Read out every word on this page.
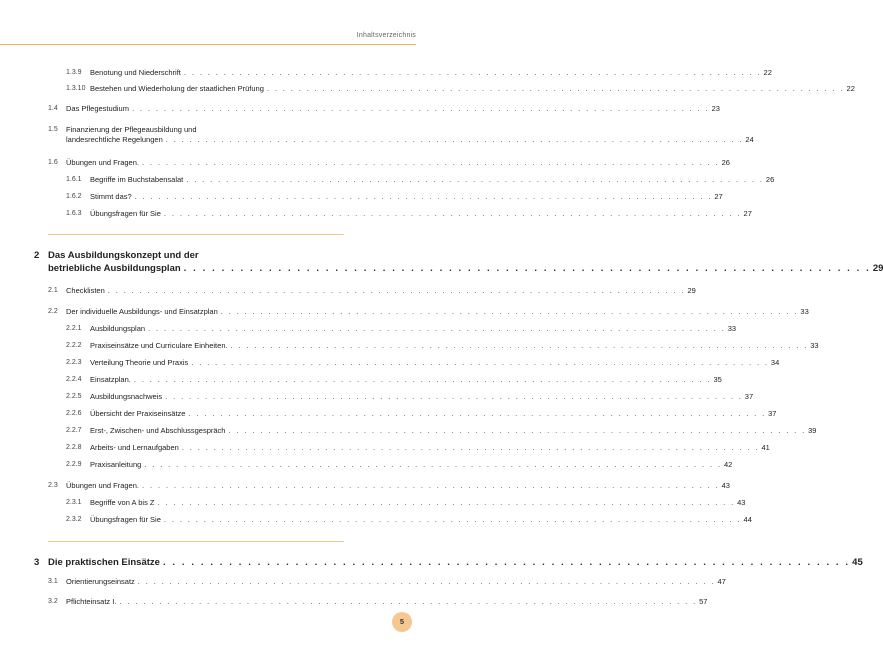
Inhaltsverzeichnis
1.3.9 Benotung und Niederschrift . . . . . . . . . . . . . . . . . . . . . . . . . . . . . . . . . . . . . . . . . . . . . . . . . . . . . . . . . . . . . . . . . . . . . . . . . 22
1.3.10 Bestehen und Wiederholung der staatlichen Prüfung . . . . . . . . . . . . . . . . . . . . . . . . . . . . . . . . . . . . . . . . . . . . . . . . . . . . . . . . . . . . . . . . . . . . . . . . . 22
1.4 Das Pflegestudium . . . . . . . . . . . . . . . . . . . . . . . . . . . . . . . . . . . . . . . . . . . . . . . . . . . . . . . . . . . . . . . . . . . . . . . . . 23
1.5 Finanzierung der Pflegeausbildung und
landesrechtliche Regelungen . . . . . . . . . . . . . . . . . . . . . . . . . . . . . . . . . . . . . . . . . . . . . . . . . . . . . . . . . . . . . . . . . . . . . . . . . 24
1.6 Übungen und Fragen. . . . . . . . . . . . . . . . . . . . . . . . . . . . . . . . . . . . . . . . . . . . . . . . . . . . . . . . . . . . . . . . . . . . . . . . . . 26
1.6.1 Begriffe im Buchstabensalat . . . . . . . . . . . . . . . . . . . . . . . . . . . . . . . . . . . . . . . . . . . . . . . . . . . . . . . . . . . . . . . . . . . . . . . . . 26
1.6.2 Stimmt das? . . . . . . . . . . . . . . . . . . . . . . . . . . . . . . . . . . . . . . . . . . . . . . . . . . . . . . . . . . . . . . . . . . . . . . . . . 27
1.6.3 Übungsfragen für Sie . . . . . . . . . . . . . . . . . . . . . . . . . . . . . . . . . . . . . . . . . . . . . . . . . . . . . . . . . . . . . . . . . . . . . . . . . 27
2 Das Ausbildungskonzept und der
betriebliche Ausbildungsplan . . . . . . . . . . . . . . . . . . . . . . . . . . . . . . . . . . . . . . . . . . . . . . . . . . . . . . . . . . . . . . . . . . . . . . . . . 29
2.1 Checklisten . . . . . . . . . . . . . . . . . . . . . . . . . . . . . . . . . . . . . . . . . . . . . . . . . . . . . . . . . . . . . . . . . . . . . . . . . 29
2.2 Der individuelle Ausbildungs- und Einsatzplan . . . . . . . . . . . . . . . . . . . . . . . . . . . . . . . . . . . . . . . . . . . . . . . . . . . . . . . . . . . . . . . . . . . . . . . . . 33
2.2.1 Ausbildungsplan . . . . . . . . . . . . . . . . . . . . . . . . . . . . . . . . . . . . . . . . . . . . . . . . . . . . . . . . . . . . . . . . . . . . . . . . . 33
2.2.2 Praxiseinsätze und Curriculare Einheiten. . . . . . . . . . . . . . . . . . . . . . . . . . . . . . . . . . . . . . . . . . . . . . . . . . . . . . . . . . . . . . . . . . . . . . . . . . 33
2.2.3 Verteilung Theorie und Praxis . . . . . . . . . . . . . . . . . . . . . . . . . . . . . . . . . . . . . . . . . . . . . . . . . . . . . . . . . . . . . . . . . . . . . . . . . 34
2.2.4 Einsatzplan. . . . . . . . . . . . . . . . . . . . . . . . . . . . . . . . . . . . . . . . . . . . . . . . . . . . . . . . . . . . . . . . . . . . . . . . . . 35
2.2.5 Ausbildungsnachweis . . . . . . . . . . . . . . . . . . . . . . . . . . . . . . . . . . . . . . . . . . . . . . . . . . . . . . . . . . . . . . . . . . . . . . . . . 37
2.2.6 Übersicht der Praxiseinsätze . . . . . . . . . . . . . . . . . . . . . . . . . . . . . . . . . . . . . . . . . . . . . . . . . . . . . . . . . . . . . . . . . . . . . . . . . 37
2.2.7 Erst-, Zwischen- und Abschlussgespräch . . . . . . . . . . . . . . . . . . . . . . . . . . . . . . . . . . . . . . . . . . . . . . . . . . . . . . . . . . . . . . . . . . . . . . . . . 39
2.2.8 Arbeits- und Lernaufgaben . . . . . . . . . . . . . . . . . . . . . . . . . . . . . . . . . . . . . . . . . . . . . . . . . . . . . . . . . . . . . . . . . . . . . . . . . 41
2.2.9 Praxisanleitung . . . . . . . . . . . . . . . . . . . . . . . . . . . . . . . . . . . . . . . . . . . . . . . . . . . . . . . . . . . . . . . . . . . . . . . . . 42
2.3 Übungen und Fragen. . . . . . . . . . . . . . . . . . . . . . . . . . . . . . . . . . . . . . . . . . . . . . . . . . . . . . . . . . . . . . . . . . . . . . . . . . 43
2.3.1 Begriffe von A bis Z . . . . . . . . . . . . . . . . . . . . . . . . . . . . . . . . . . . . . . . . . . . . . . . . . . . . . . . . . . . . . . . . . . . . . . . . . 43
2.3.2 Übungsfragen für Sie . . . . . . . . . . . . . . . . . . . . . . . . . . . . . . . . . . . . . . . . . . . . . . . . . . . . . . . . . . . . . . . . . . . . . . . . . 44
3 Die praktischen Einsätze . . . . . . . . . . . . . . . . . . . . . . . . . . . . . . . . . . . . . . . . . . . . . . . . . . . . . . . . . . . . . . . . . . . . . . . . . 45
3.1 Orientierungseinsatz . . . . . . . . . . . . . . . . . . . . . . . . . . . . . . . . . . . . . . . . . . . . . . . . . . . . . . . . . . . . . . . . . . . . . . . . . 47
3.2 Pflichteinsatz I. . . . . . . . . . . . . . . . . . . . . . . . . . . . . . . . . . . . . . . . . . . . . . . . . . . . . . . . . . . . . . . . . . . . . . . . . . 57
5
